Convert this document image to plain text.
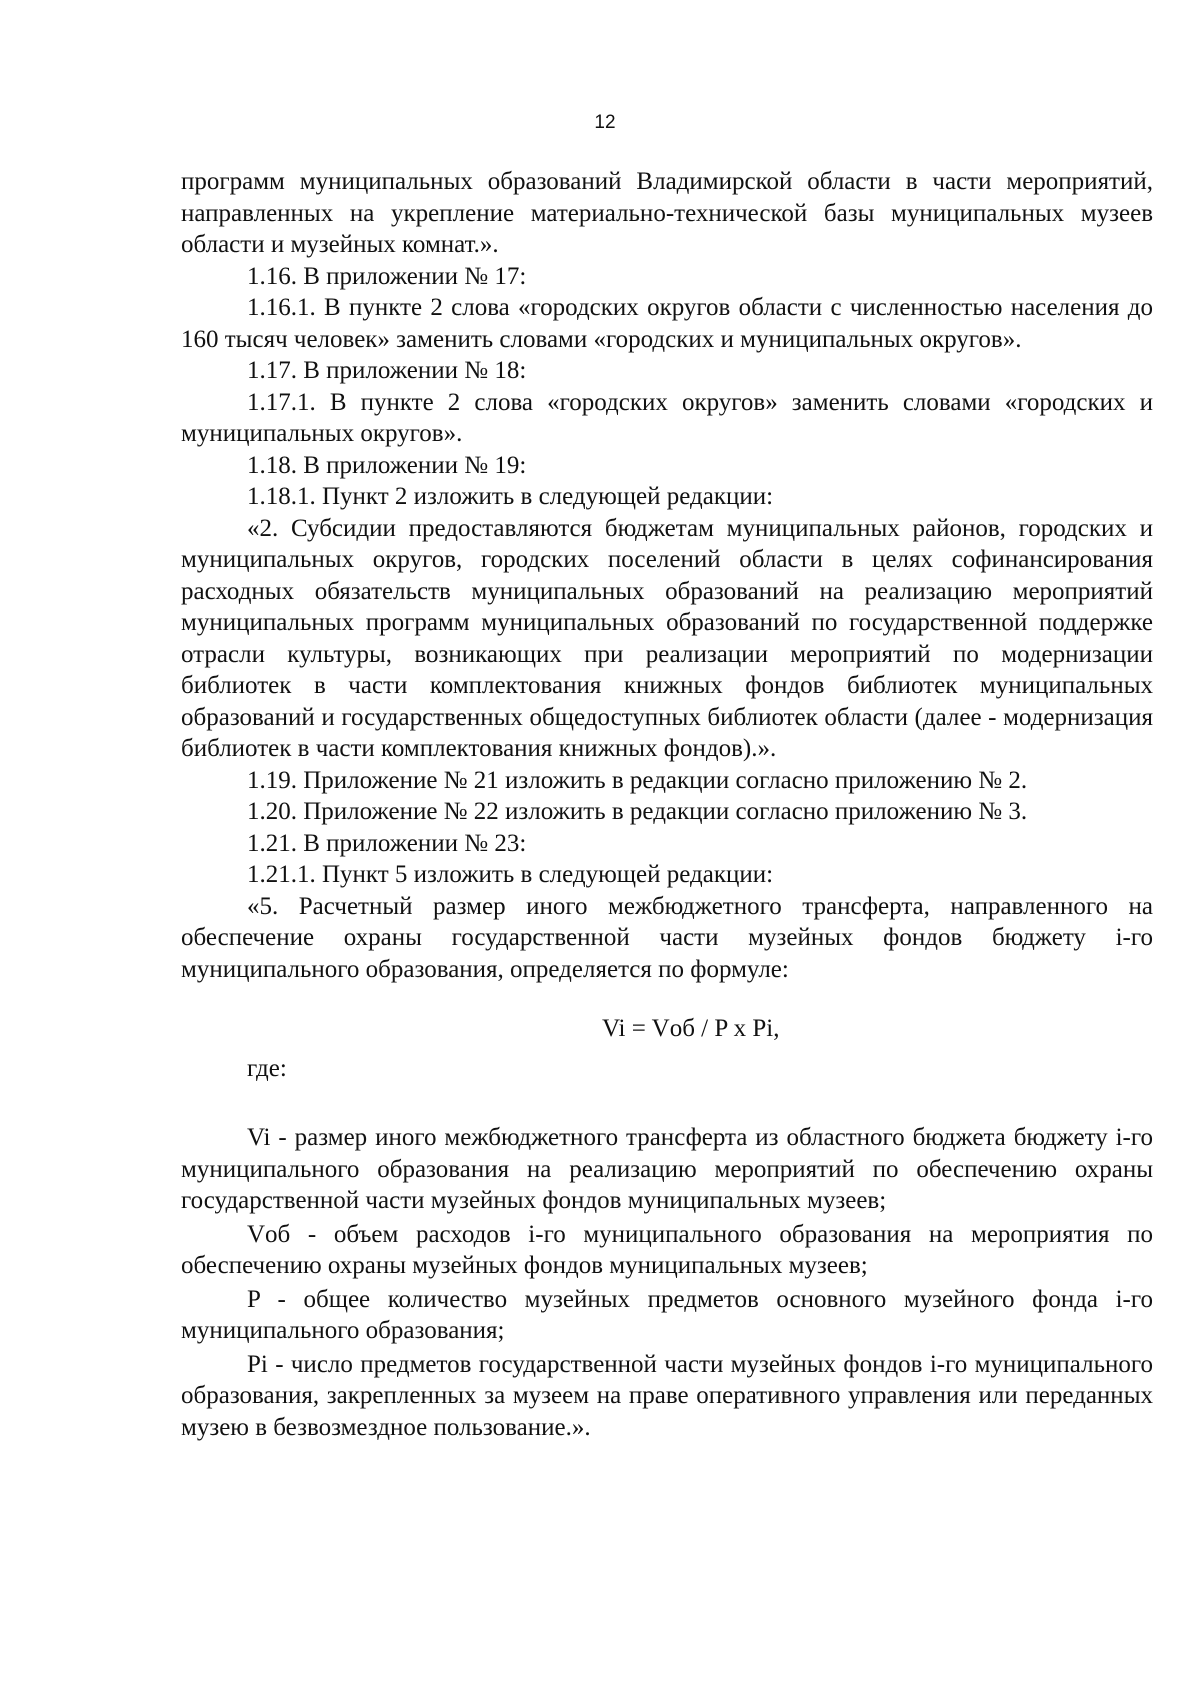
12

программ муниципальных образований Владимирской области в части мероприятий, направленных на укрепление материально-технической базы муниципальных музеев области и музейных комнат.».

1.16. В приложении № 17:

1.16.1. В пункте 2 слова «городских округов области с численностью населения до 160 тысяч человек» заменить словами «городских и муниципальных округов».

1.17. В приложении № 18:

1.17.1. В пункте 2 слова «городских округов» заменить словами «городских и муниципальных округов».

1.18. В приложении № 19:

1.18.1. Пункт 2 изложить в следующей редакции:

«2. Субсидии предоставляются бюджетам муниципальных районов, городских и муниципальных округов, городских поселений области в целях софинансирования расходных обязательств муниципальных образований на реализацию мероприятий муниципальных программ муниципальных образований по государственной поддержке отрасли культуры, возникающих при реализации мероприятий по модернизации библиотек в части комплектования книжных фондов библиотек муниципальных образований и государственных общедоступных библиотек области (далее - модернизация библиотек в части комплектования книжных фондов).».

1.19. Приложение № 21 изложить в редакции согласно приложению № 2.

1.20. Приложение № 22 изложить в редакции согласно приложению № 3.

1.21. В приложении № 23:

1.21.1. Пункт 5 изложить в следующей редакции:

«5. Расчетный размер иного межбюджетного трансферта, направленного на обеспечение охраны государственной части музейных фондов бюджету i-го муниципального образования, определяется по формуле:

Vi = Vоб / P x Pi,

где:

Vi - размер иного межбюджетного трансферта из областного бюджета бюджету i-го муниципального образования на реализацию мероприятий по обеспечению охраны государственной части музейных фондов муниципальных музеев;

Vоб - объем расходов i-го муниципального образования на мероприятия по обеспечению охраны музейных фондов муниципальных музеев;

P - общее количество музейных предметов основного музейного фонда i-го муниципального образования;

Pi - число предметов государственной части музейных фондов i-го муниципального образования, закрепленных за музеем на праве оперативного управления или переданных музею в безвозмездное пользование.».
